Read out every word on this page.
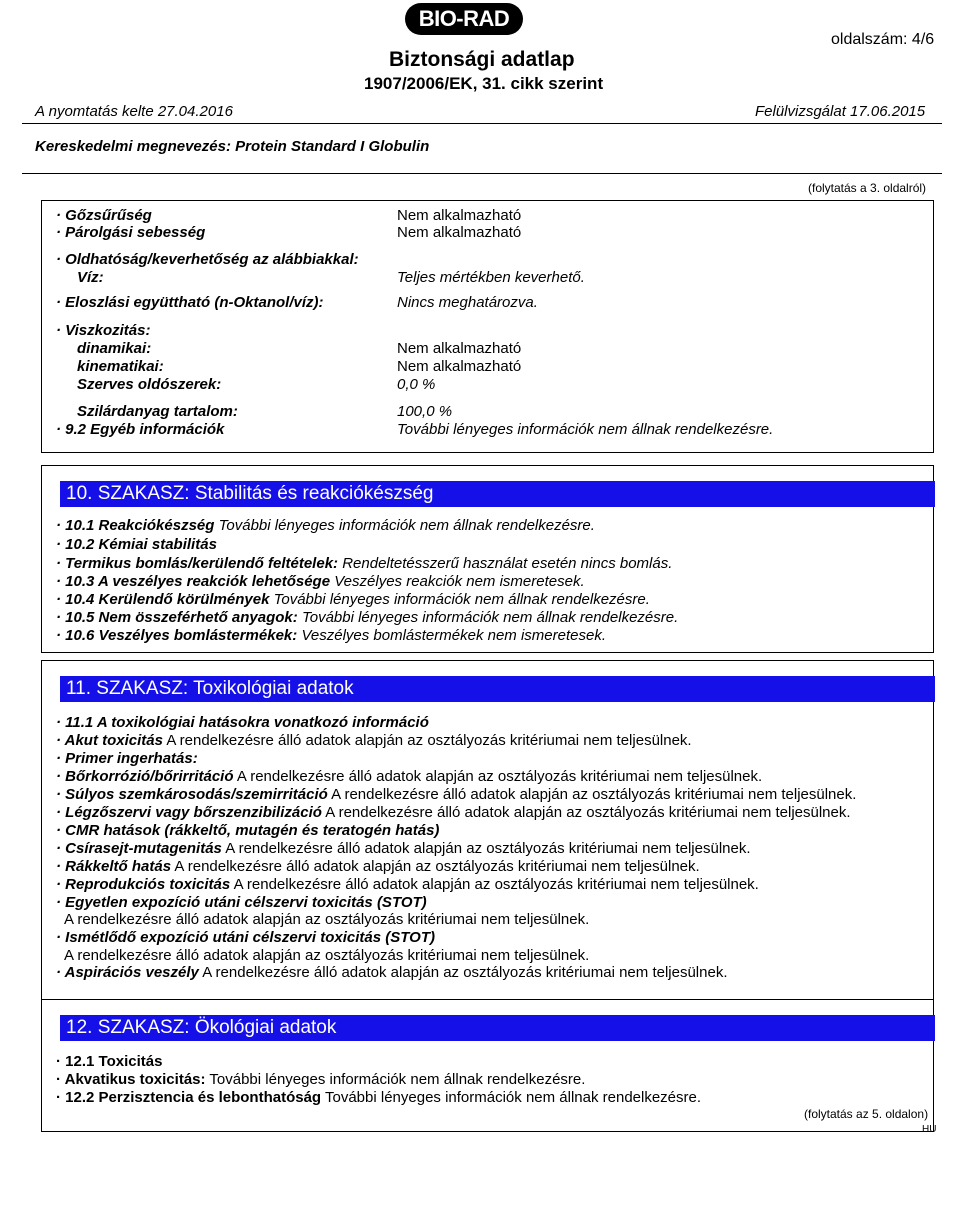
BIO-RAD
Biztonsági adatlap
1907/2006/EK, 31. cikk szerint
oldalszám: 4/6
A nyomtatás kelte 27.04.2016	Felülvizsgálat 17.06.2015
Kereskedelmi megnevezés: Protein Standard I Globulin
(folytatás a 3. oldalról)
· Gőzsűrűség	Nem alkalmazható
· Párolgási sebesség	Nem alkalmazható
· Oldhatóság/keverhetőség az alábbiakkal:
Víz:	Teljes mértékben keverhető.
· Eloszlási együttható (n-Oktanol/víz):	Nincs meghatározva.
· Viszkozitás:
dinamikai:	Nem alkalmazható
kinematikai:	Nem alkalmazható
Szerves oldószerek:	0,0 %
Szilárdanyag tartalom:	100,0 %
· 9.2 Egyéb információk	További lényeges információk nem állnak rendelkezésre.
10. SZAKASZ: Stabilitás és reakciókészség
· 10.1 Reakciókészség További lényeges információk nem állnak rendelkezésre.
· 10.2 Kémiai stabilitás
· Termikus bomlás/kerülendő feltételek: Rendeltetésszerű használat esetén nincs bomlás.
· 10.3 A veszélyes reakciók lehetősége Veszélyes reakciók nem ismeretesek.
· 10.4 Kerülendő körülmények További lényeges információk nem állnak rendelkezésre.
· 10.5 Nem összeférhető anyagok: További lényeges információk nem állnak rendelkezésre.
· 10.6 Veszélyes bomlástermékek: Veszélyes bomlástermékek nem ismeretesek.
11. SZAKASZ: Toxikológiai adatok
· 11.1 A toxikológiai hatásokra vonatkozó információ
· Akut toxicitás A rendelkezésre álló adatok alapján az osztályozás kritériumai nem teljesülnek.
· Primer ingerhatás:
· Bőrkorrózió/bőrirritáció A rendelkezésre álló adatok alapján az osztályozás kritériumai nem teljesülnek.
· Súlyos szemkárosodás/szemirritáció A rendelkezésre álló adatok alapján az osztályozás kritériumai nem teljesülnek.
· Légzőszervi vagy bőrszenzibilizáció A rendelkezésre álló adatok alapján az osztályozás kritériumai nem teljesülnek.
· CMR hatások (rákkeltő, mutagén és teratogén hatás)
· Csírasejt-mutagenitás A rendelkezésre álló adatok alapján az osztályozás kritériumai nem teljesülnek.
· Rákkeltő hatás A rendelkezésre álló adatok alapján az osztályozás kritériumai nem teljesülnek.
· Reprodukciós toxicitás A rendelkezésre álló adatok alapján az osztályozás kritériumai nem teljesülnek.
· Egyetlen expozíció utáni célszervi toxicitás (STOT)
A rendelkezésre álló adatok alapján az osztályozás kritériumai nem teljesülnek.
· Ismétlődő expozíció utáni célszervi toxicitás (STOT)
A rendelkezésre álló adatok alapján az osztályozás kritériumai nem teljesülnek.
· Aspirációs veszély A rendelkezésre álló adatok alapján az osztályozás kritériumai nem teljesülnek.
12. SZAKASZ: Ökológiai adatok
· 12.1 Toxicitás
· Akvatikus toxicitás: További lényeges információk nem állnak rendelkezésre.
· 12.2 Perzisztencia és lebonthatóság További lényeges információk nem állnak rendelkezésre.
(folytatás az 5. oldalon)
HU
